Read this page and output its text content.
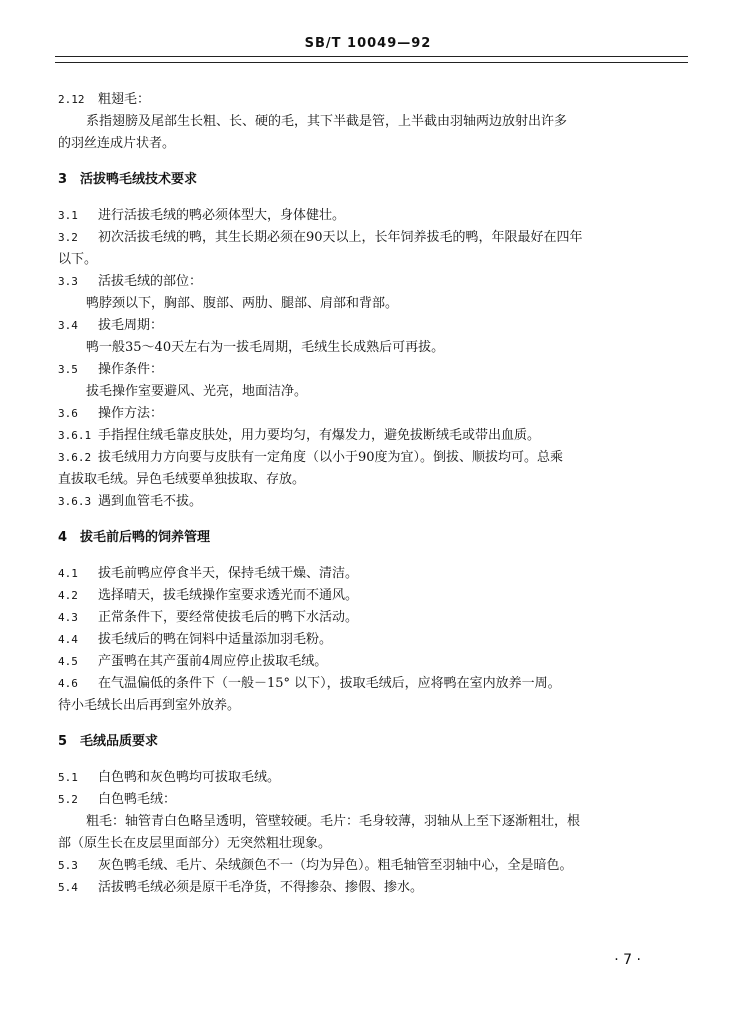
SB/T 10049—92
2.12 粗翅毛：
系指翅膀及尾部生长粗、长、硬的毛，其下半截是管，上半截由羽轴两边放射出许多
的羽丝连成片状者。
3　活拔鸭毛绒技术要求
3.1 进行活拔毛绒的鸭必须体型大，身体健壮。
3.2 初次活拔毛绒的鸭，其生长期必须在90天以上，长年饲养拔毛的鸭，年限最好在四年
以下。
3.3 活拔毛绒的部位：
鸭脖颈以下，胸部、腹部、两肋、腿部、肩部和背部。
3.4 拔毛周期：
鸭一般35～40天左右为一拔毛周期，毛绒生长成熟后可再拔。
3.5 操作条件：
拔毛操作室要避风、光亮，地面洁净。
3.6 操作方法：
3.6.1 手指捏住绒毛靠皮肤处，用力要均匀，有爆发力，避免拔断绒毛或带出血质。
3.6.2 拔毛绒用力方向要与皮肤有一定角度（以小于90度为宜）。倒拔、顺拔均可。总乘
直拔取毛绒。异色毛绒要单独拔取、存放。
3.6.3 遇到血管毛不拔。
4　拔毛前后鸭的饲养管理
4.1 拔毛前鸭应停食半天，保持毛绒干燥、清洁。
4.2 选择晴天，拔毛绒操作室要求透光而不通风。
4.3 正常条件下，要经常使拔毛后的鸭下水活动。
4.4 拔毛绒后的鸭在饲料中适量添加羽毛粉。
4.5 产蛋鸭在其产蛋前4周应停止拔取毛绒。
4.6 在气温偏低的条件下（一般－15° 以下），拔取毛绒后，应将鸭在室内放养一周。
待小毛绒长出后再到室外放养。
5　毛绒品质要求
5.1 白色鸭和灰色鸭均可拔取毛绒。
5.2 白色鸭毛绒：
粗毛：轴管青白色略呈透明，管壁较硬。毛片：毛身较薄，羽轴从上至下逐渐粗壮，根
部（原生长在皮层里面部分）无突然粗壮现象。
5.3 灰色鸭毛绒、毛片、朵绒颜色不一（均为异色）。粗毛轴管至羽轴中心，全是暗色。
5.4 活拔鸭毛绒必须是原干毛净货，不得掺杂、掺假、掺水。
· 7 ·
